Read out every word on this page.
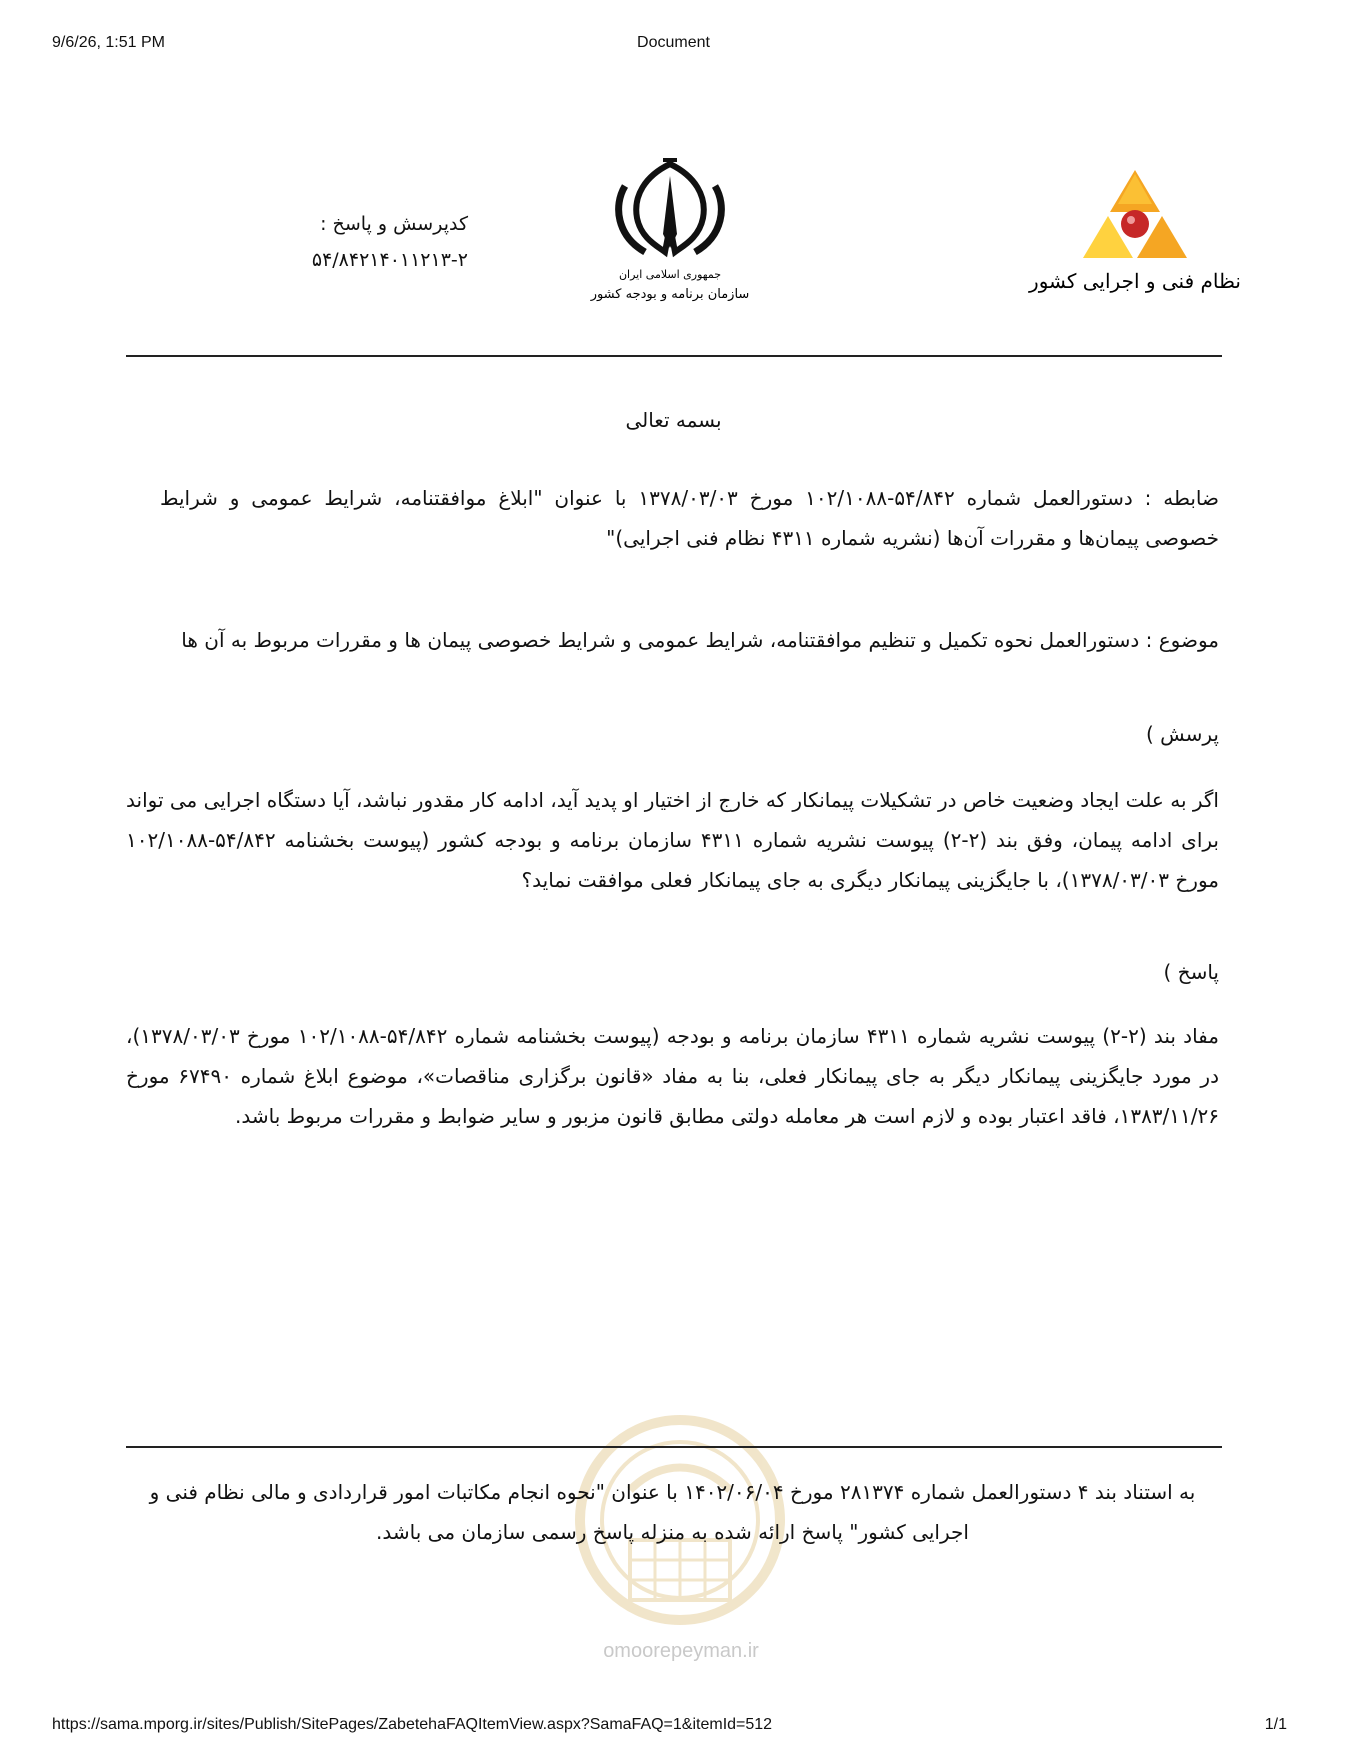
9/6/26, 1:51 PM	Document
کدپرسش و پاسخ :
۵۴/۸۴۲۱۴۰۱۱۲۱۳-۲
جمهوری اسلامی ایران
سازمان برنامه و بودجه کشور
نظام فنی و اجرایی کشور
بسمه تعالی
ضابطه : دستورالعمل شماره ۵۴/۸۴۲-۱۰۲/۱۰۸۸ مورخ ۱۳۷۸/۰۳/۰۳ با عنوان "ابلاغ موافقتنامه، شرایط عمومی و شرایط خصوصی پیمان‌ها و مقررات آن‌ها (نشریه شماره ۴۳۱۱ نظام فنی اجرایی)"
موضوع : دستورالعمل نحوه تکمیل و تنظیم موافقتنامه، شرایط عمومی و شرایط خصوصی پیمان ها و مقررات مربوط به آن ها
پرسش )
اگر به علت ایجاد وضعیت خاص در تشکیلات پیمانکار که خارج از اختیار او پدید آید، ادامه کار مقدور نباشد، آیا دستگاه اجرایی می تواند برای ادامه پیمان، وفق بند (۲-۲) پیوست نشریه شماره ۴۳۱۱ سازمان برنامه و بودجه کشور (پیوست بخشنامه ۵۴/۸۴۲-۱۰۲/۱۰۸۸ مورخ ۱۳۷۸/۰۳/۰۳)، با جایگزینی پیمانکار دیگری به جای پیمانکار فعلی موافقت نماید؟
پاسخ )
مفاد بند (۲-۲) پیوست نشریه شماره ۴۳۱۱ سازمان برنامه و بودجه (پیوست بخشنامه شماره ۵۴/۸۴۲-۱۰۲/۱۰۸۸ مورخ ۱۳۷۸/۰۳/۰۳)، در مورد جایگزینی پیمانکار دیگر به جای پیمانکار فعلی، بنا به مفاد «قانون برگزاری مناقصات»، موضوع ابلاغ شماره ۶۷۴۹۰ مورخ ۱۳۸۳/۱۱/۲۶، فاقد اعتبار بوده و لازم است هر معامله دولتی مطابق قانون مزبور و سایر ضوابط و مقررات مربوط باشد.
به استناد بند ۴ دستورالعمل شماره ۲۸۱۳۷۴ مورخ ۱۴۰۲/۰۶/۰۴ با عنوان "نحوه انجام مکاتبات امور قراردادی و مالی نظام فنی و اجرایی کشور" پاسخ ارائه شده به منزله پاسخ رسمی سازمان می باشد.
omoorepeyman.ir
https://sama.mporg.ir/sites/Publish/SitePages/ZabetehaFAQItemView.aspx?SamaFAQ=1&itemId=512	1/1
